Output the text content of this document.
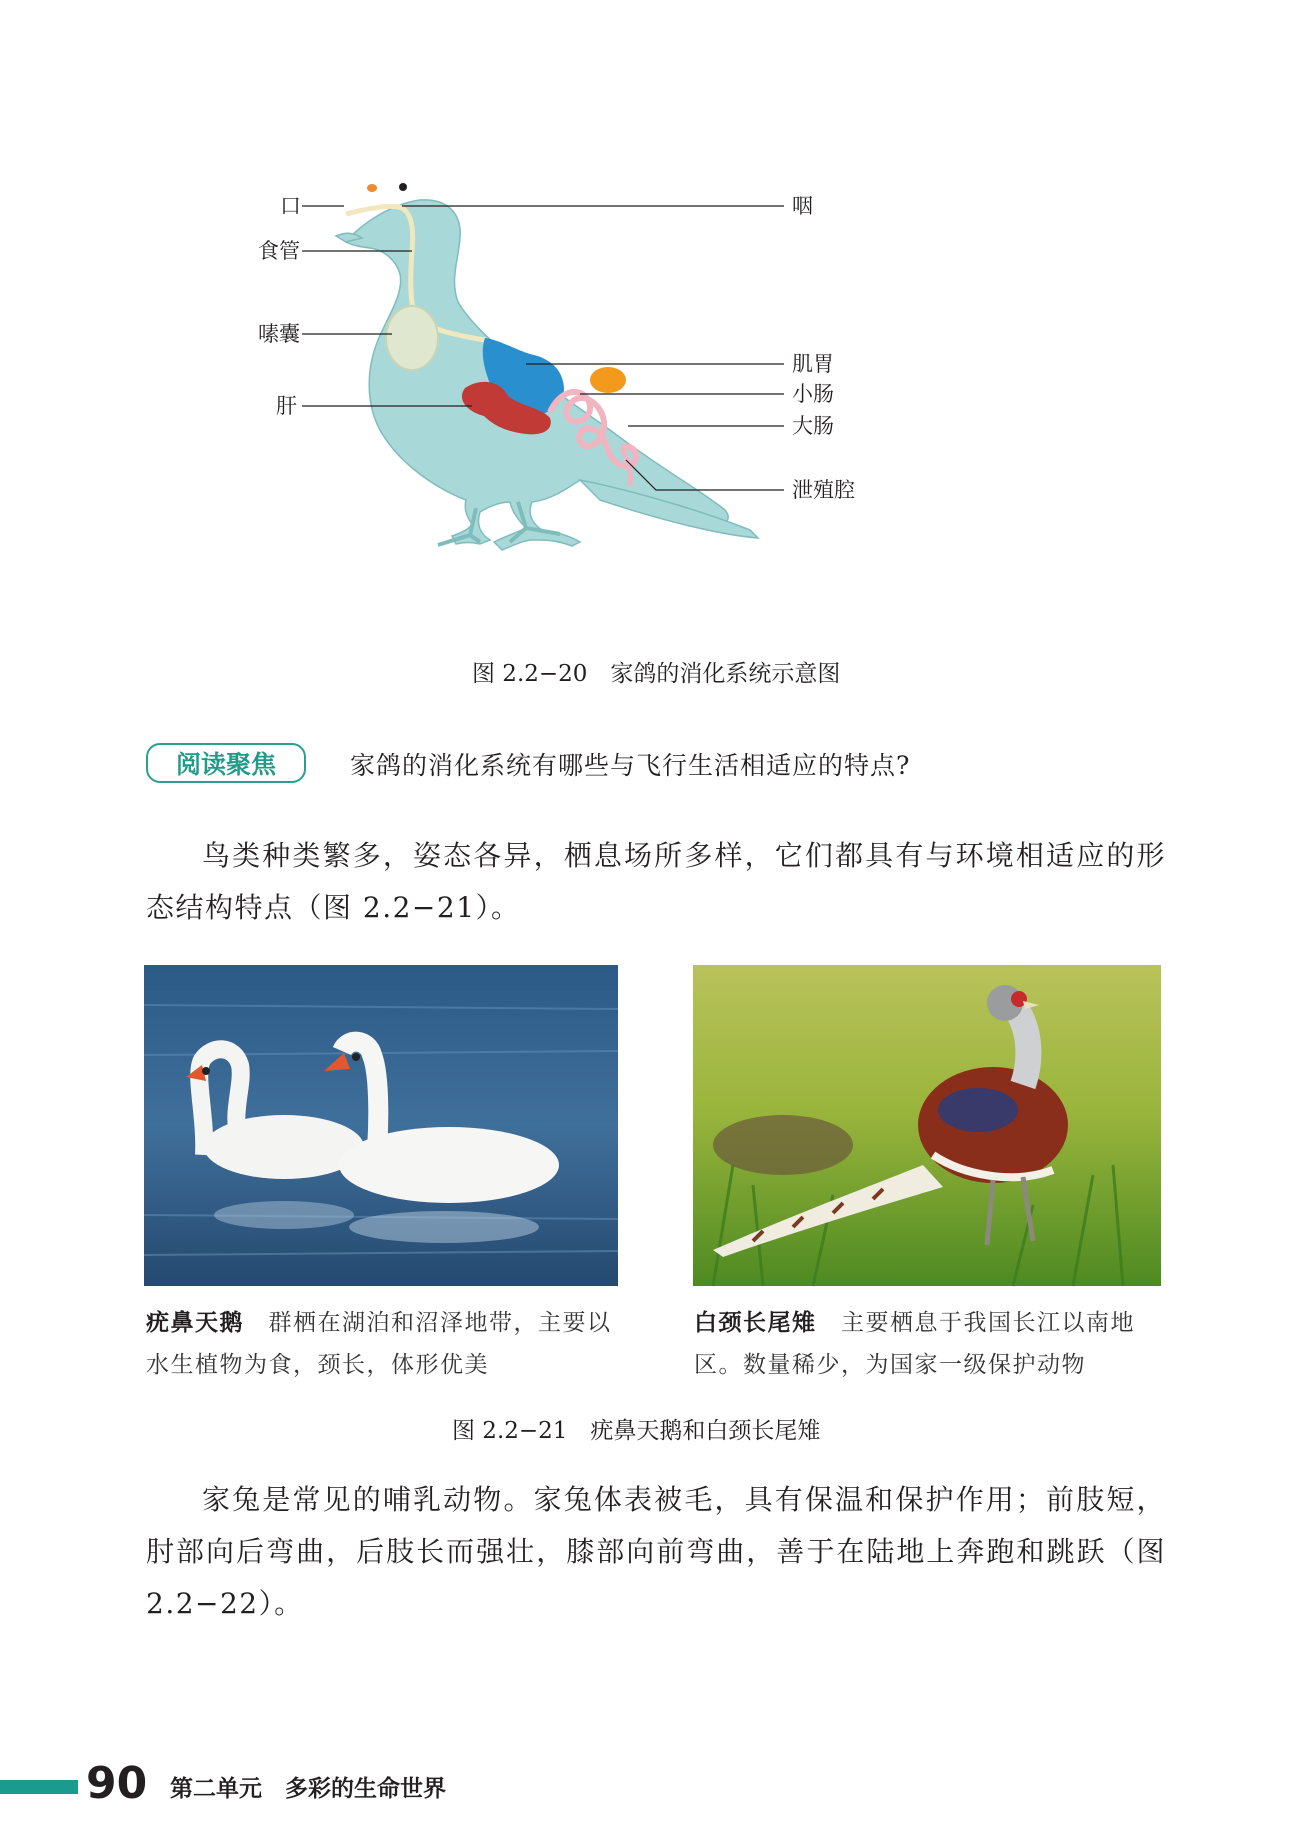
口
食管
嗉囊
肝
咽
肌胃
小肠
大肠
泄殖腔
图 2.2−20　家鸽的消化系统示意图
阅读聚焦	家鸽的消化系统有哪些与飞行生活相适应的特点?

鸟类种类繁多，姿态各异，栖息场所多样，它们都具有与环境相适应的形态结构特点（图 2.2−21）。

疣鼻天鹅　 群栖在湖泊和沼泽地带，主要以水生植物为食，颈长，体形优美
白颈长尾雉　 主要栖息于我国长江以南地区。数量稀少，为国家一级保护动物
图 2.2−21　疣鼻天鹅和白颈长尾雉

家兔是常见的哺乳动物。家兔体表被毛，具有保温和保护作用；前肢短，肘部向后弯曲，后肢长而强壮，膝部向前弯曲，善于在陆地上奔跑和跳跃（图 2.2−22）。

90 第二单元　多彩的生命世界
